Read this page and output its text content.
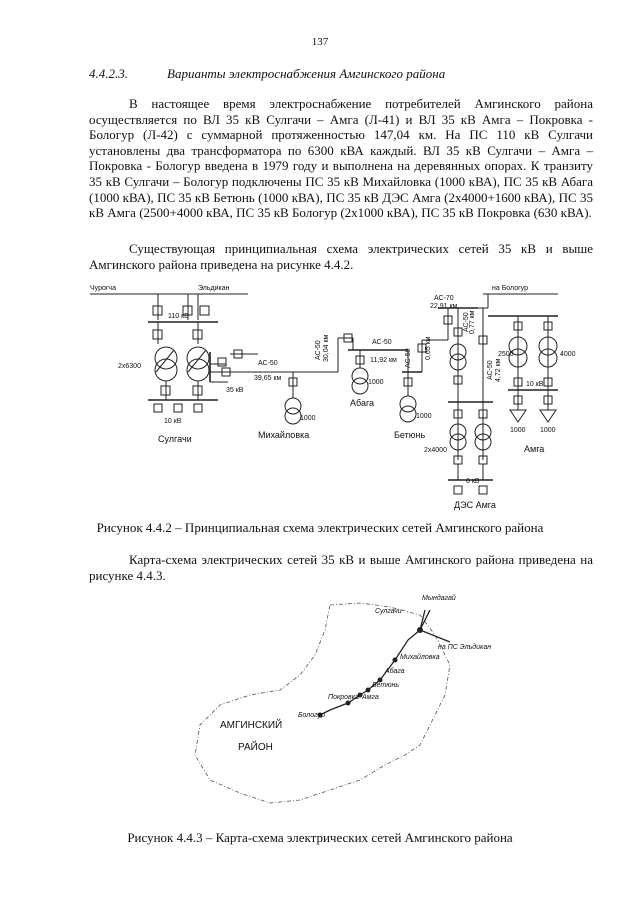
137
4.4.2.3.	Варианты электроснабжения Амгинского района

В настоящее время электроснабжение потребителей Амгинского района осуществляется по ВЛ 35 кВ Сулгачи – Амга (Л-41) и ВЛ 35 кВ Амга – Покровка - Бологур (Л-42) с суммарной протяженностью 147,04 км. На ПС 110 кВ Сулгачи установлены два трансформатора по 6300 кВА каждый. ВЛ 35 кВ Сулгачи – Амга – Покровка - Бологур введена в 1979 году и выполнена на деревянных опорах. К транзиту 35 кВ Сулгачи – Бологур подключены ПС 35 кВ Михайловка (1000 кВА), ПС 35 кВ Абага (1000 кВА), ПС 35 кВ Бетюнь (1000 кВА), ПС 35 кВ ДЭС Амга (2х4000+1600 кВА), ПС 35 кВ Амга (2500+4000 кВА, ПС 35 кВ Бологур (2х1000 кВА), ПС 35 кВ Покровка (630 кВА).

Существующая принципиальная схема электрических сетей 35 кВ и выше Амгинского района приведена на рисунке 4.4.2.

Чурогча	Эльдикан
110 кВ
2х6300
10 кВ
35 кВ
Сулгачи
АС-50
39,65 км
Михайловка
1000
АС-50 30,04 км
Абага
1000
АС-50
11,92 км
Бетюнь
1000
АС-50 0,65 км
АС-50 0,77 км
АС-70
22,91 км
АС-50 4,72 км
на Бологур
2х4000
6 кВ
ДЭС Амга
2500	4000
10 кВ
1000 1000
Амга
Рисунок 4.4.2 – Принципиальная схема электрических сетей Амгинского района

Карта-схема электрических сетей 35 кВ и выше Амгинского района приведена на рисунке 4.4.3.

Мындагай
Сулгачи
на ПС Эльдикан
Михайловка
Абага
Бетюнь
Амга
Покровка
Бологур
АМГИНСКИЙ
РАЙОН
Рисунок 4.4.3 – Карта-схема электрических сетей Амгинского района
